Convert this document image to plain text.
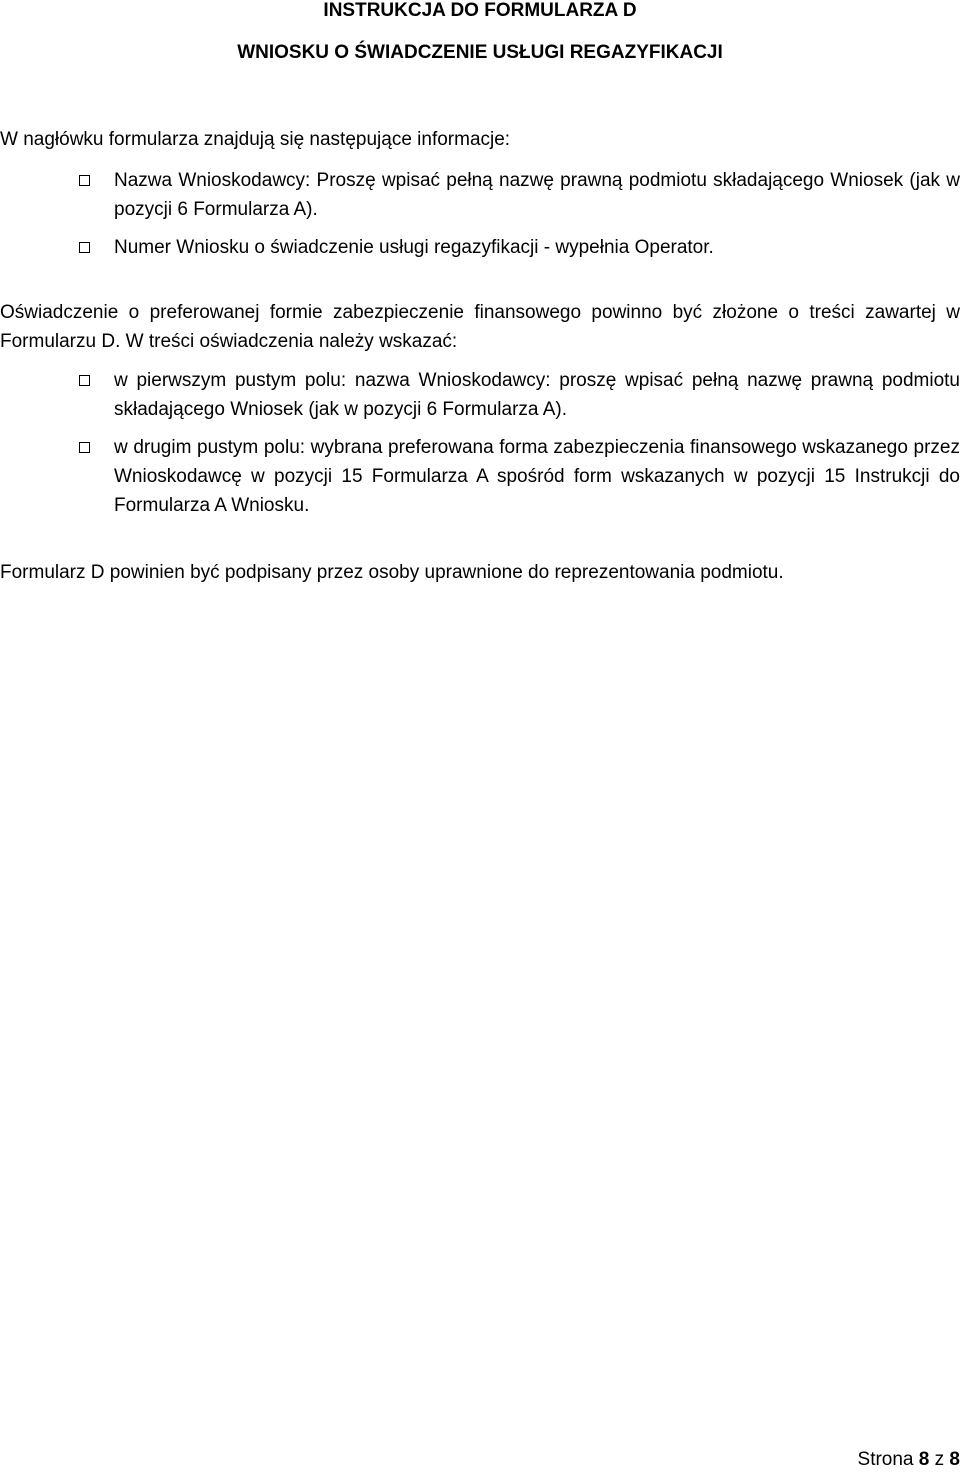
INSTRUKCJA DO FORMULARZA D
WNIOSKU O ŚWIADCZENIE USŁUGI REGAZYFIKACJI
W nagłówku formularza znajdują się następujące informacje:
Nazwa Wnioskodawcy: Proszę wpisać pełną nazwę prawną podmiotu składającego Wniosek (jak w pozycji 6 Formularza A).
Numer Wniosku o świadczenie usługi regazyfikacji - wypełnia Operator.
Oświadczenie o preferowanej formie zabezpieczenie finansowego powinno być złożone o treści zawartej w Formularzu D. W treści oświadczenia należy wskazać:
w pierwszym pustym polu: nazwa Wnioskodawcy: proszę wpisać pełną nazwę prawną podmiotu składającego Wniosek (jak w pozycji 6 Formularza A).
w drugim pustym polu: wybrana preferowana forma zabezpieczenia finansowego wskazanego przez Wnioskodawcę w pozycji 15 Formularza A spośród form wskazanych w pozycji 15 Instrukcji do Formularza A Wniosku.
Formularz D powinien być podpisany przez osoby uprawnione do reprezentowania podmiotu.
Strona 8 z 8
